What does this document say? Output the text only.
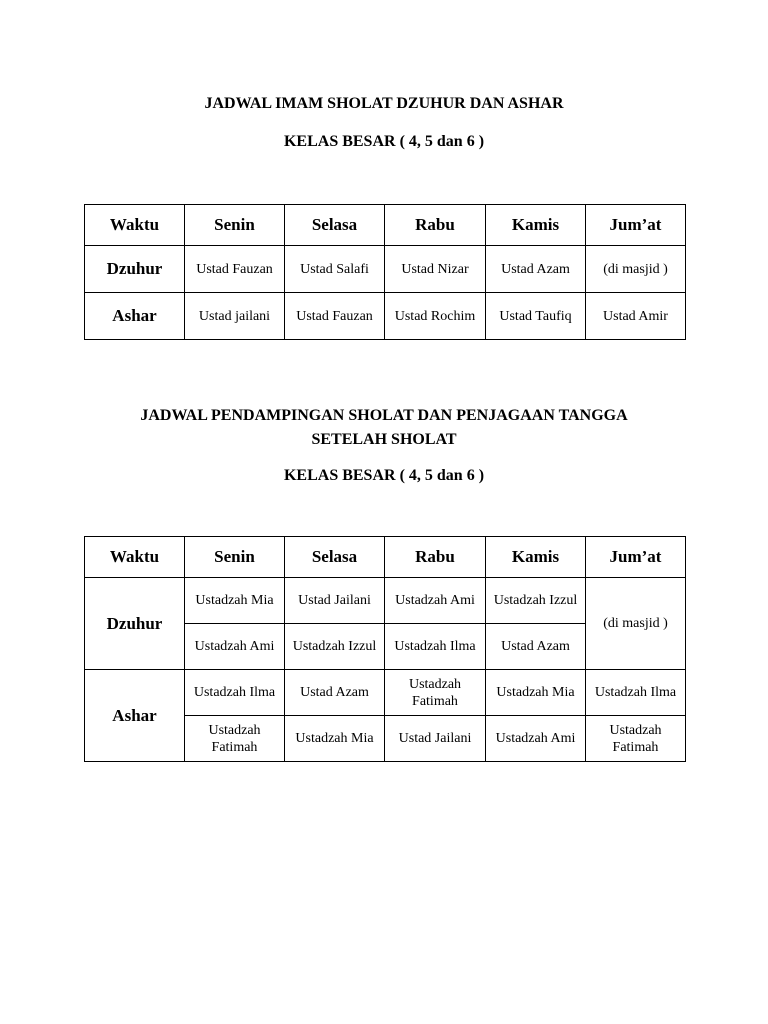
JADWAL IMAM SHOLAT DZUHUR DAN ASHAR
KELAS BESAR ( 4, 5 dan 6 )
Waktu	Senin	Selasa	Rabu	Kamis	Jum’at
Dzuhur	Ustad Fauzan	Ustad Salafi	Ustad Nizar	Ustad Azam	(di masjid )
Ashar	Ustad jailani	Ustad Fauzan	Ustad Rochim	Ustad Taufiq	Ustad Amir
JADWAL PENDAMPINGAN SHOLAT DAN PENJAGAAN TANGGA
SETELAH SHOLAT
KELAS BESAR ( 4, 5 dan 6 )
Waktu	Senin	Selasa	Rabu	Kamis	Jum’at
Dzuhur	Ustadzah Mia	Ustad Jailani	Ustadzah Ami	Ustadzah Izzul	(di masjid )
	Ustadzah Ami	Ustadzah Izzul	Ustadzah Ilma	Ustad Azam	
Ashar	Ustadzah Ilma	Ustad Azam	Ustadzah Fatimah	Ustadzah Mia	Ustadzah Ilma
	Ustadzah Fatimah	Ustadzah Mia	Ustad Jailani	Ustadzah Ami	Ustadzah Fatimah
